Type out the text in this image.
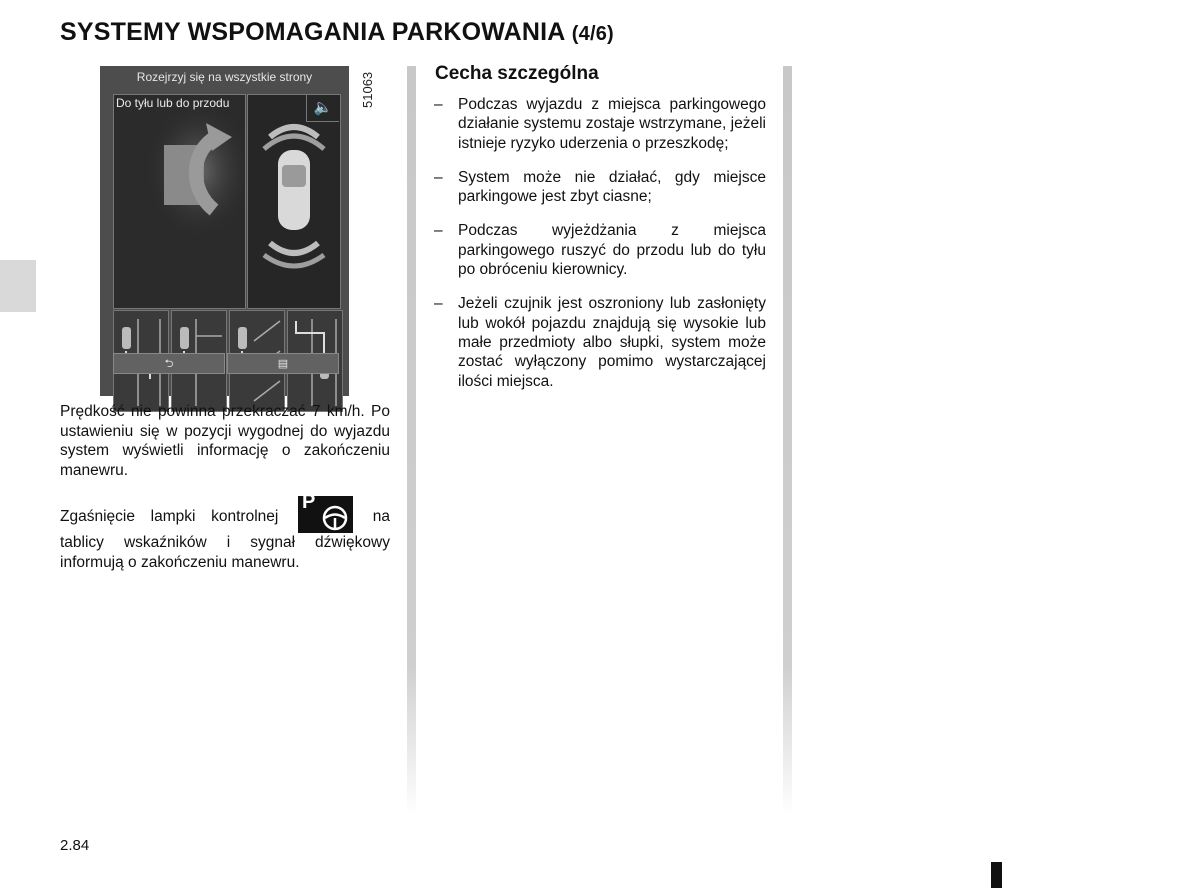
SYSTEMY WSPOMAGANIA PARKOWANIA (4/6)
Rozejrzyj się na wszystkie strony
Do tyłu lub do przodu	🔈
⮌	▤
51063

Prędkość nie powinna przekraczać 7 km/h. Po ustawieniu się w pozycji wygodnej do wyjazdu system wyświetli informację o zakończeniu manewru.

Zgaśnięcie lampki kontrolnej
P
na tablicy wskaźników i sygnał dźwiękowy informują o zakończeniu manewru.

Cecha szczególna
– Podczas wyjazdu z miejsca parkingowego działanie systemu zostaje wstrzymane, jeżeli istnieje ryzyko uderzenia o przeszkodę;
– System może nie działać, gdy miejsce parkingowe jest zbyt ciasne;
– Podczas wyjeżdżania z miejsca parkingowego ruszyć do przodu lub do tyłu po obróceniu kierownicy.
– Jeżeli czujnik jest oszroniony lub zasłonięty lub wokół pojazdu znajdują się wysokie lub małe przedmioty albo słupki, system może zostać wyłączony pomimo wystarczającej ilości miejsca.
2.84
